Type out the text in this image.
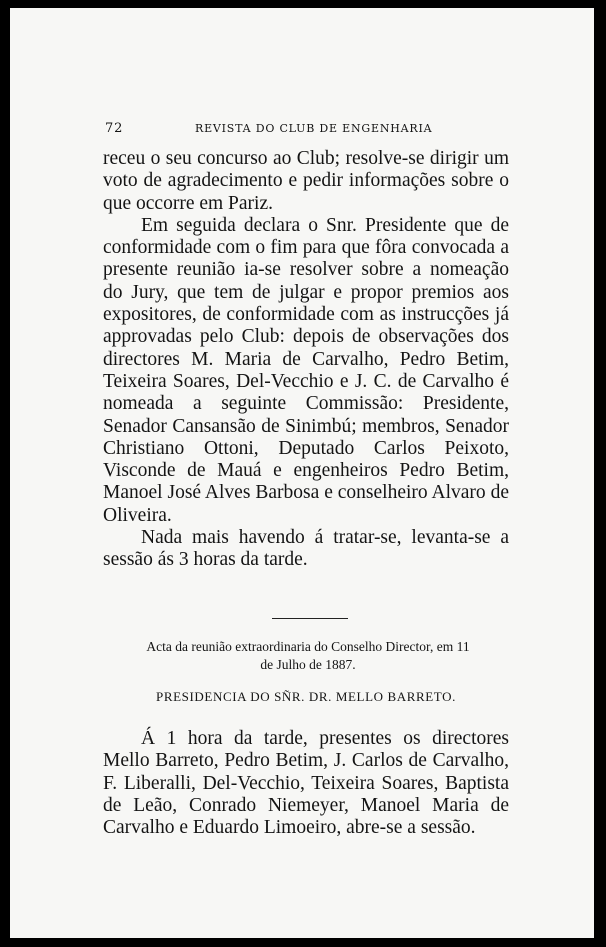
72	REVISTA DO CLUB DE ENGENHARIA

receu o seu concurso ao Club; resolve-se dirigir um voto de agradecimento e pedir informações sobre o que occorre em Pariz.

Em seguida declara o Snr. Presidente que de conformidade com o fim para que fôra convocada a presente reunião ia-se resolver sobre a nomeação do Jury, que tem de julgar e propor premios aos expositores, de conformidade com as instrucções já approvadas pelo Club: depois de observações dos directores M. Maria de Carvalho, Pedro Betim, Teixeira Soares, Del-Vecchio e J. C. de Carvalho é nomeada a seguinte Commissão: Presidente, Senador Cansansão de Sinimbú; membros, Senador Christiano Ottoni, Deputado Carlos Peixoto, Visconde de Mauá e engenheiros Pedro Betim, Manoel José Alves Barbosa e conselheiro Alvaro de Oliveira.

Nada mais havendo á tratar-se, levanta-se a sessão ás 3 horas da tarde.

Acta da reunião extraordinaria do Conselho Director, em 11
de Julho de 1887.
PRESIDENCIA DO SÑR. DR. MELLO BARRETO.

Á 1 hora da tarde, presentes os directores Mello Barreto, Pedro Betim, J. Carlos de Carvalho, F. Liberalli, Del-Vecchio, Teixeira Soares, Baptista de Leão, Conrado Niemeyer, Manoel Maria de Carvalho e Eduardo Limoeiro, abre-se a sessão.
